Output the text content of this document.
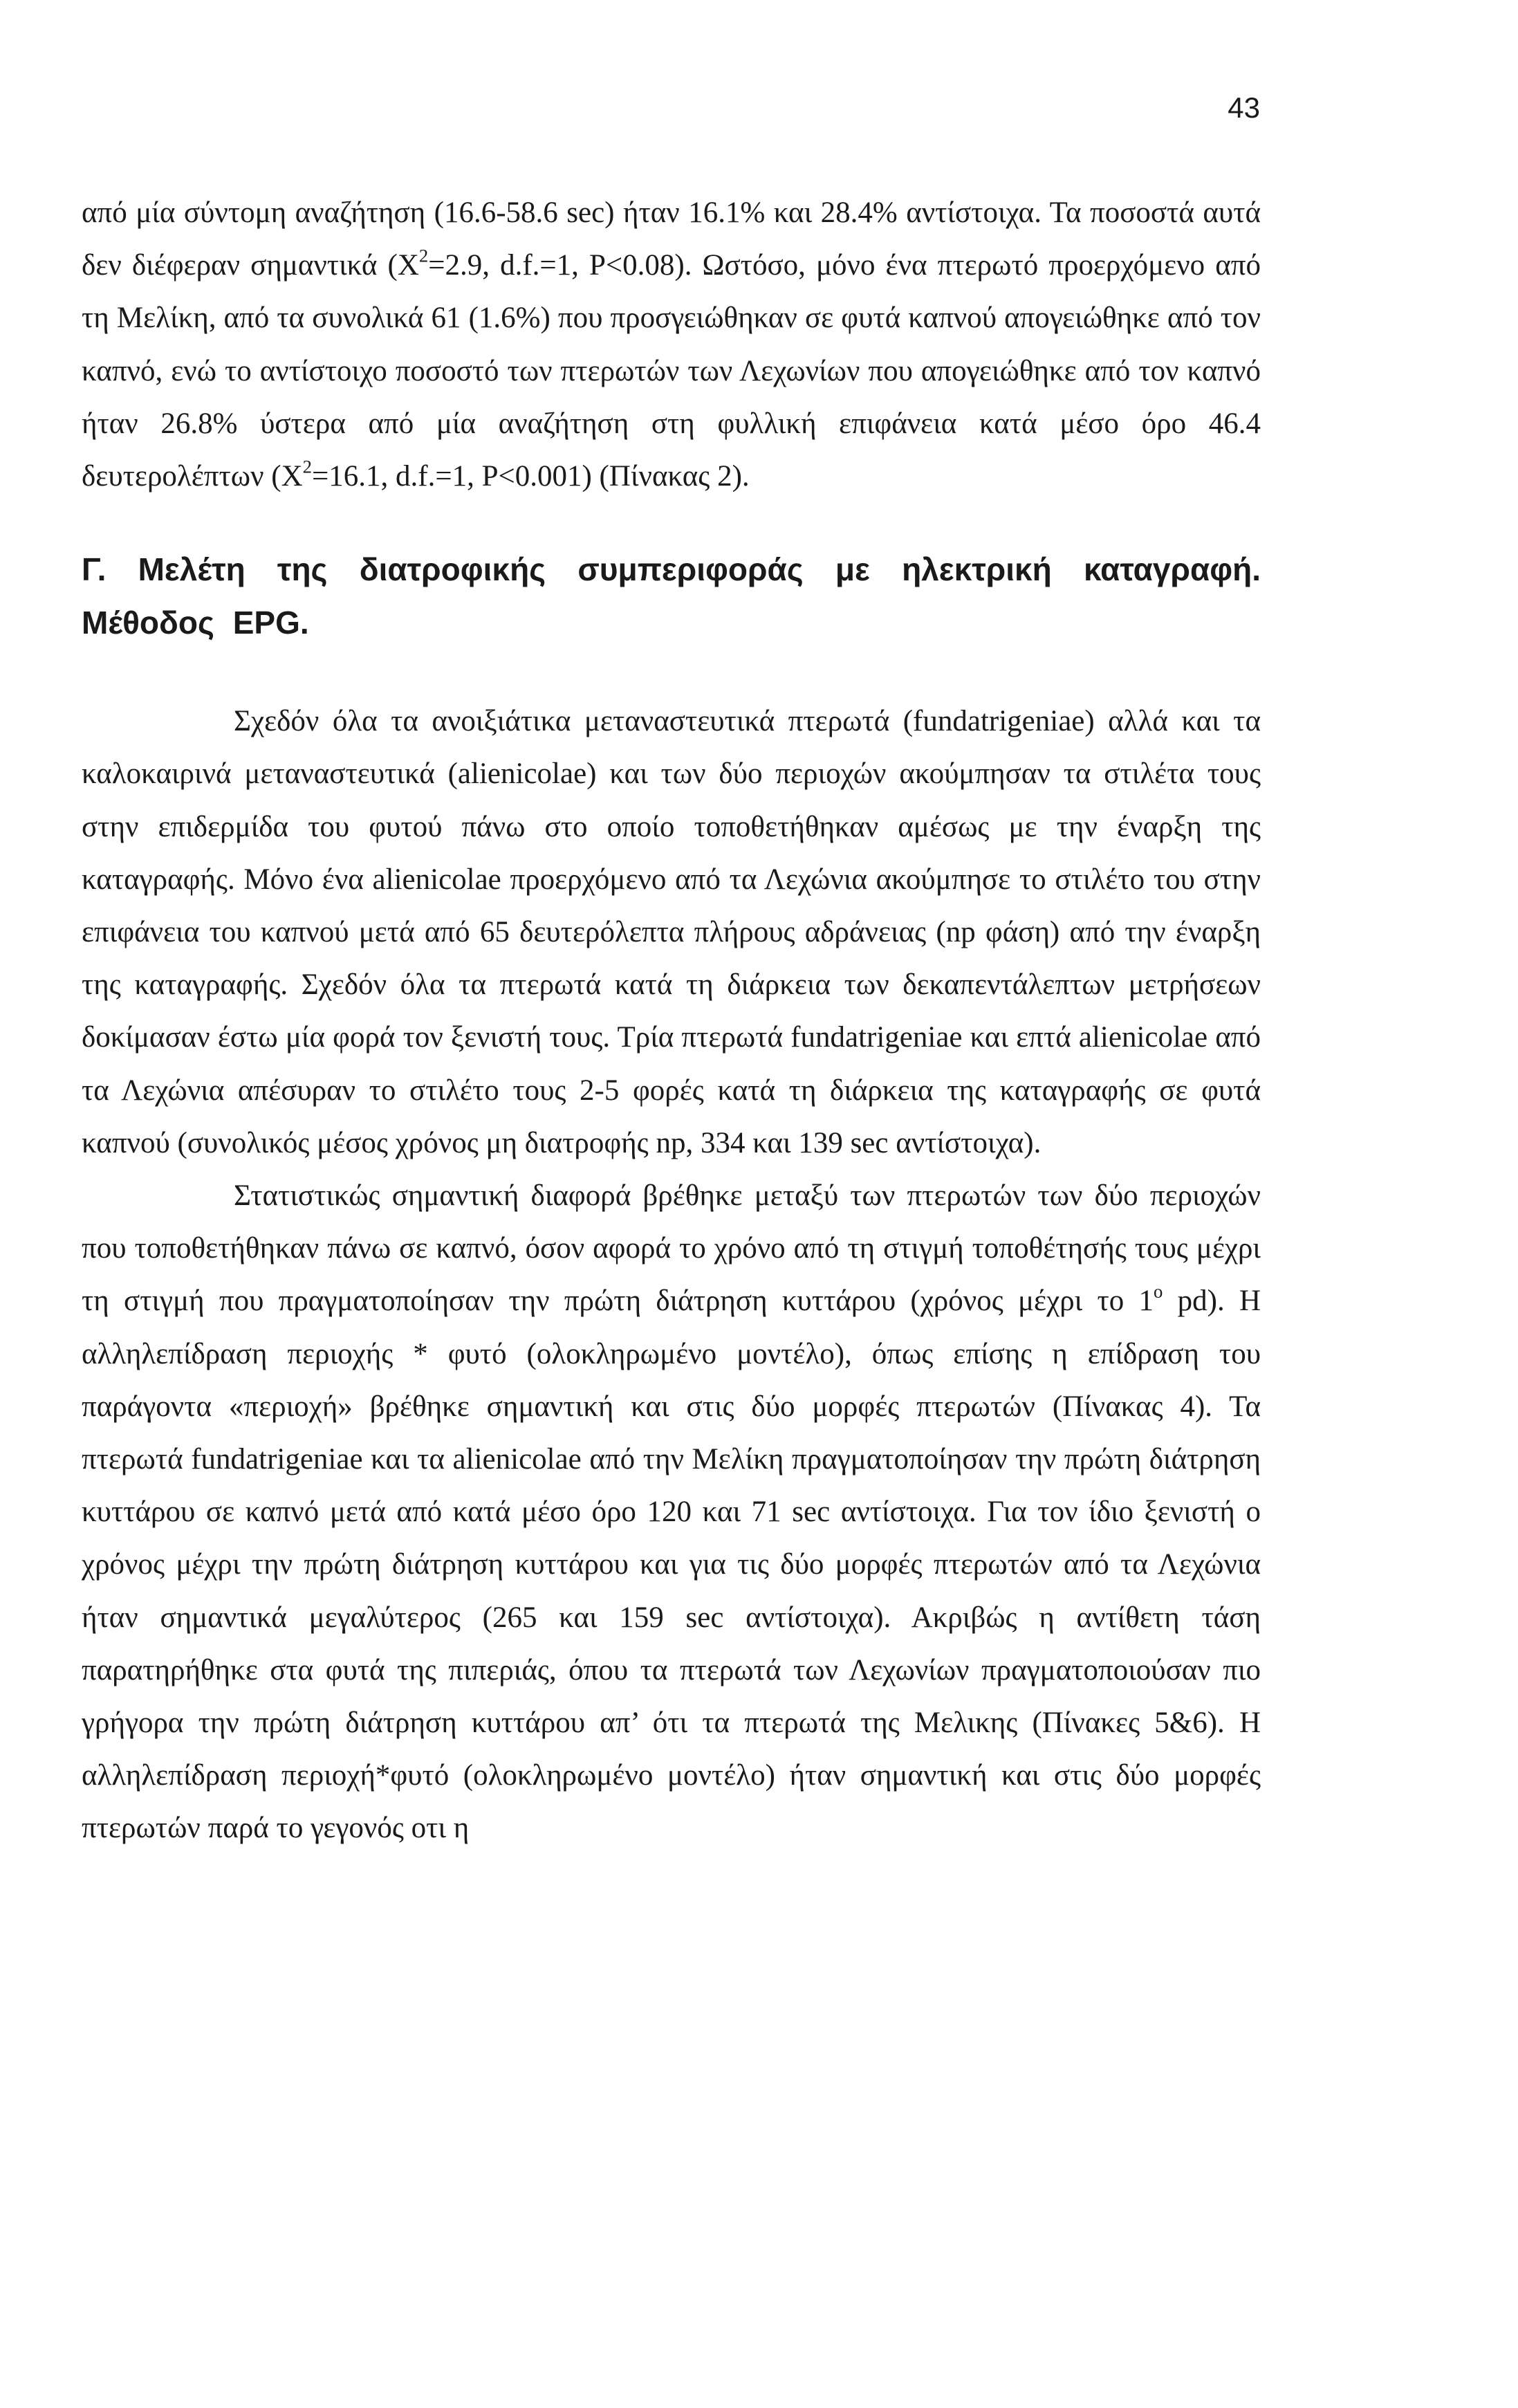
43

από μία σύντομη αναζήτηση (16.6-58.6 sec) ήταν 16.1% και 28.4% αντίστοιχα. Τα ποσοστά αυτά δεν διέφεραν σημαντικά ($X^2=2.9$, d.f.=1, P<0.08). Ωστόσο, μόνο ένα πτερωτό προερχόμενο από τη Μελίκη, από τα συνολικά 61 (1.6%) που προσγειώθηκαν σε φυτά καπνού απογειώθηκε από τον καπνό, ενώ το αντίστοιχο ποσοστό των πτερωτών των Λεχωνίων που απογειώθηκε από τον καπνό ήταν 26.8% ύστερα από μία αναζήτηση στη φυλλική επιφάνεια κατά μέσο όρο 46.4 δευτερολέπτων ($X^2=16.1$, d.f.=1, P<0.001) (Πίνακας 2).

Γ. Μελέτη της διατροφικής συμπεριφοράς με ηλεκτρική καταγραφή. Μέθοδος EPG.

Σχεδόν όλα τα ανοιξιάτικα μεταναστευτικά πτερωτά (fundatrigeniae) αλλά και τα καλοκαιρινά μεταναστευτικά (alienicolae) και των δύο περιοχών ακούμπησαν τα στιλέτα τους στην επιδερμίδα του φυτού πάνω στο οποίο τοποθετήθηκαν αμέσως με την έναρξη της καταγραφής. Μόνο ένα alienicolae προερχόμενο από τα Λεχώνια ακούμπησε το στιλέτο του στην επιφάνεια του καπνού μετά από 65 δευτερόλεπτα πλήρους αδράνειας (np φάση) από την έναρξη της καταγραφής. Σχεδόν όλα τα πτερωτά κατά τη διάρκεια των δεκαπεντάλεπτων μετρήσεων δοκίμασαν έστω μία φορά τον ξενιστή τους. Τρία πτερωτά fundatrigeniae και επτά alienicolae από τα Λεχώνια απέσυραν το στιλέτο τους 2-5 φορές κατά τη διάρκεια της καταγραφής σε φυτά καπνού (συνολικός μέσος χρόνος μη διατροφής np, 334 και 139 sec αντίστοιχα).

Στατιστικώς σημαντική διαφορά βρέθηκε μεταξύ των πτερωτών των δύο περιοχών που τοποθετήθηκαν πάνω σε καπνό, όσον αφορά το χρόνο από τη στιγμή τοποθέτησής τους μέχρι τη στιγμή που πραγματοποίησαν την πρώτη διάτρηση κυττάρου (χρόνος μέχρι το $1^o$ pd). Η αλληλεπίδραση περιοχής * φυτό (ολοκληρωμένο μοντέλο), όπως επίσης η επίδραση του παράγοντα «περιοχή» βρέθηκε σημαντική και στις δύο μορφές πτερωτών (Πίνακας 4). Τα πτερωτά fundatrigeniae και τα alienicolae από την Μελίκη πραγματοποίησαν την πρώτη διάτρηση κυττάρου σε καπνό μετά από κατά μέσο όρο 120 και 71 sec αντίστοιχα. Για τον ίδιο ξενιστή ο χρόνος μέχρι την πρώτη διάτρηση κυττάρου και για τις δύο μορφές πτερωτών από τα Λεχώνια ήταν σημαντικά μεγαλύτερος (265 και 159 sec αντίστοιχα). Ακριβώς η αντίθετη τάση παρατηρήθηκε στα φυτά της πιπεριάς, όπου τα πτερωτά των Λεχωνίων πραγματοποιούσαν πιο γρήγορα την πρώτη διάτρηση κυττάρου απ’ ότι τα πτερωτά της Μελικης (Πίνακες 5&6). Η αλληλεπίδραση περιοχή*φυτό (ολοκληρωμένο μοντέλο) ήταν σημαντική και στις δύο μορφές πτερωτών παρά το γεγονός οτι η
